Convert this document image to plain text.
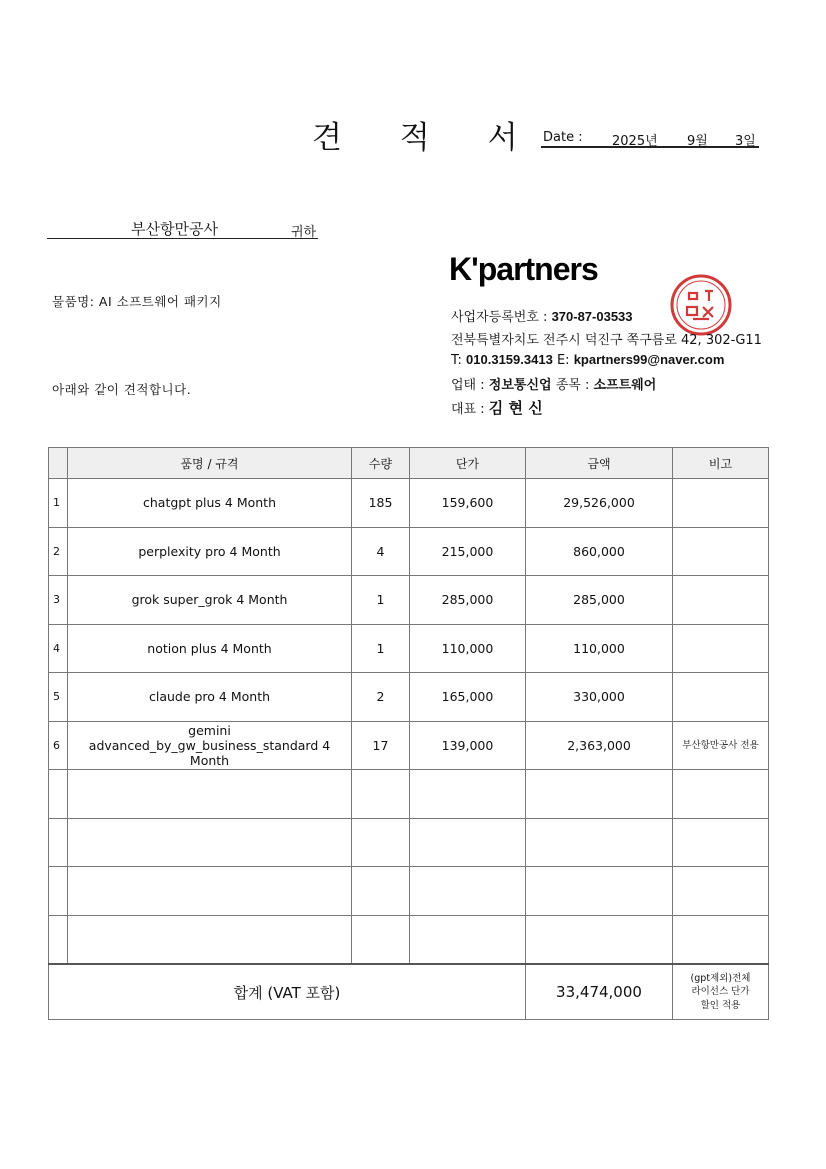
견 적 서 Date : 2025년 9월 3일

부산항만공사	귀하
물품명: AI 소프트웨어 패키지
아래와 같이 견적합니다.
K'partners
사업자등록번호 : 370-87-03533
전북특별자치도 전주시 덕진구 쪽구름로 42, 302-G11
T: 010.3159.3413 E: kpartners99@naver.com
업태 : 정보통신업 종목 : 소프트웨어
대표 : 김 현 신
	품명 / 규격	수량	단가	금액	비고
1	chatgpt plus 4 Month	185	159,600	29,526,000	
2	perplexity pro 4 Month	4	215,000	860,000	
3	grok super_grok 4 Month	1	285,000	285,000	
4	notion plus 4 Month	1	110,000	110,000	
5	claude pro 4 Month	2	165,000	330,000	
6	gemini advanced_by_gw_business_standard 4 Month	17	139,000	2,363,000	부산항만공사 전용

합계 (VAT 포함)				33,474,000	(gpt제외)전체
라이선스 단가
할인 적용
